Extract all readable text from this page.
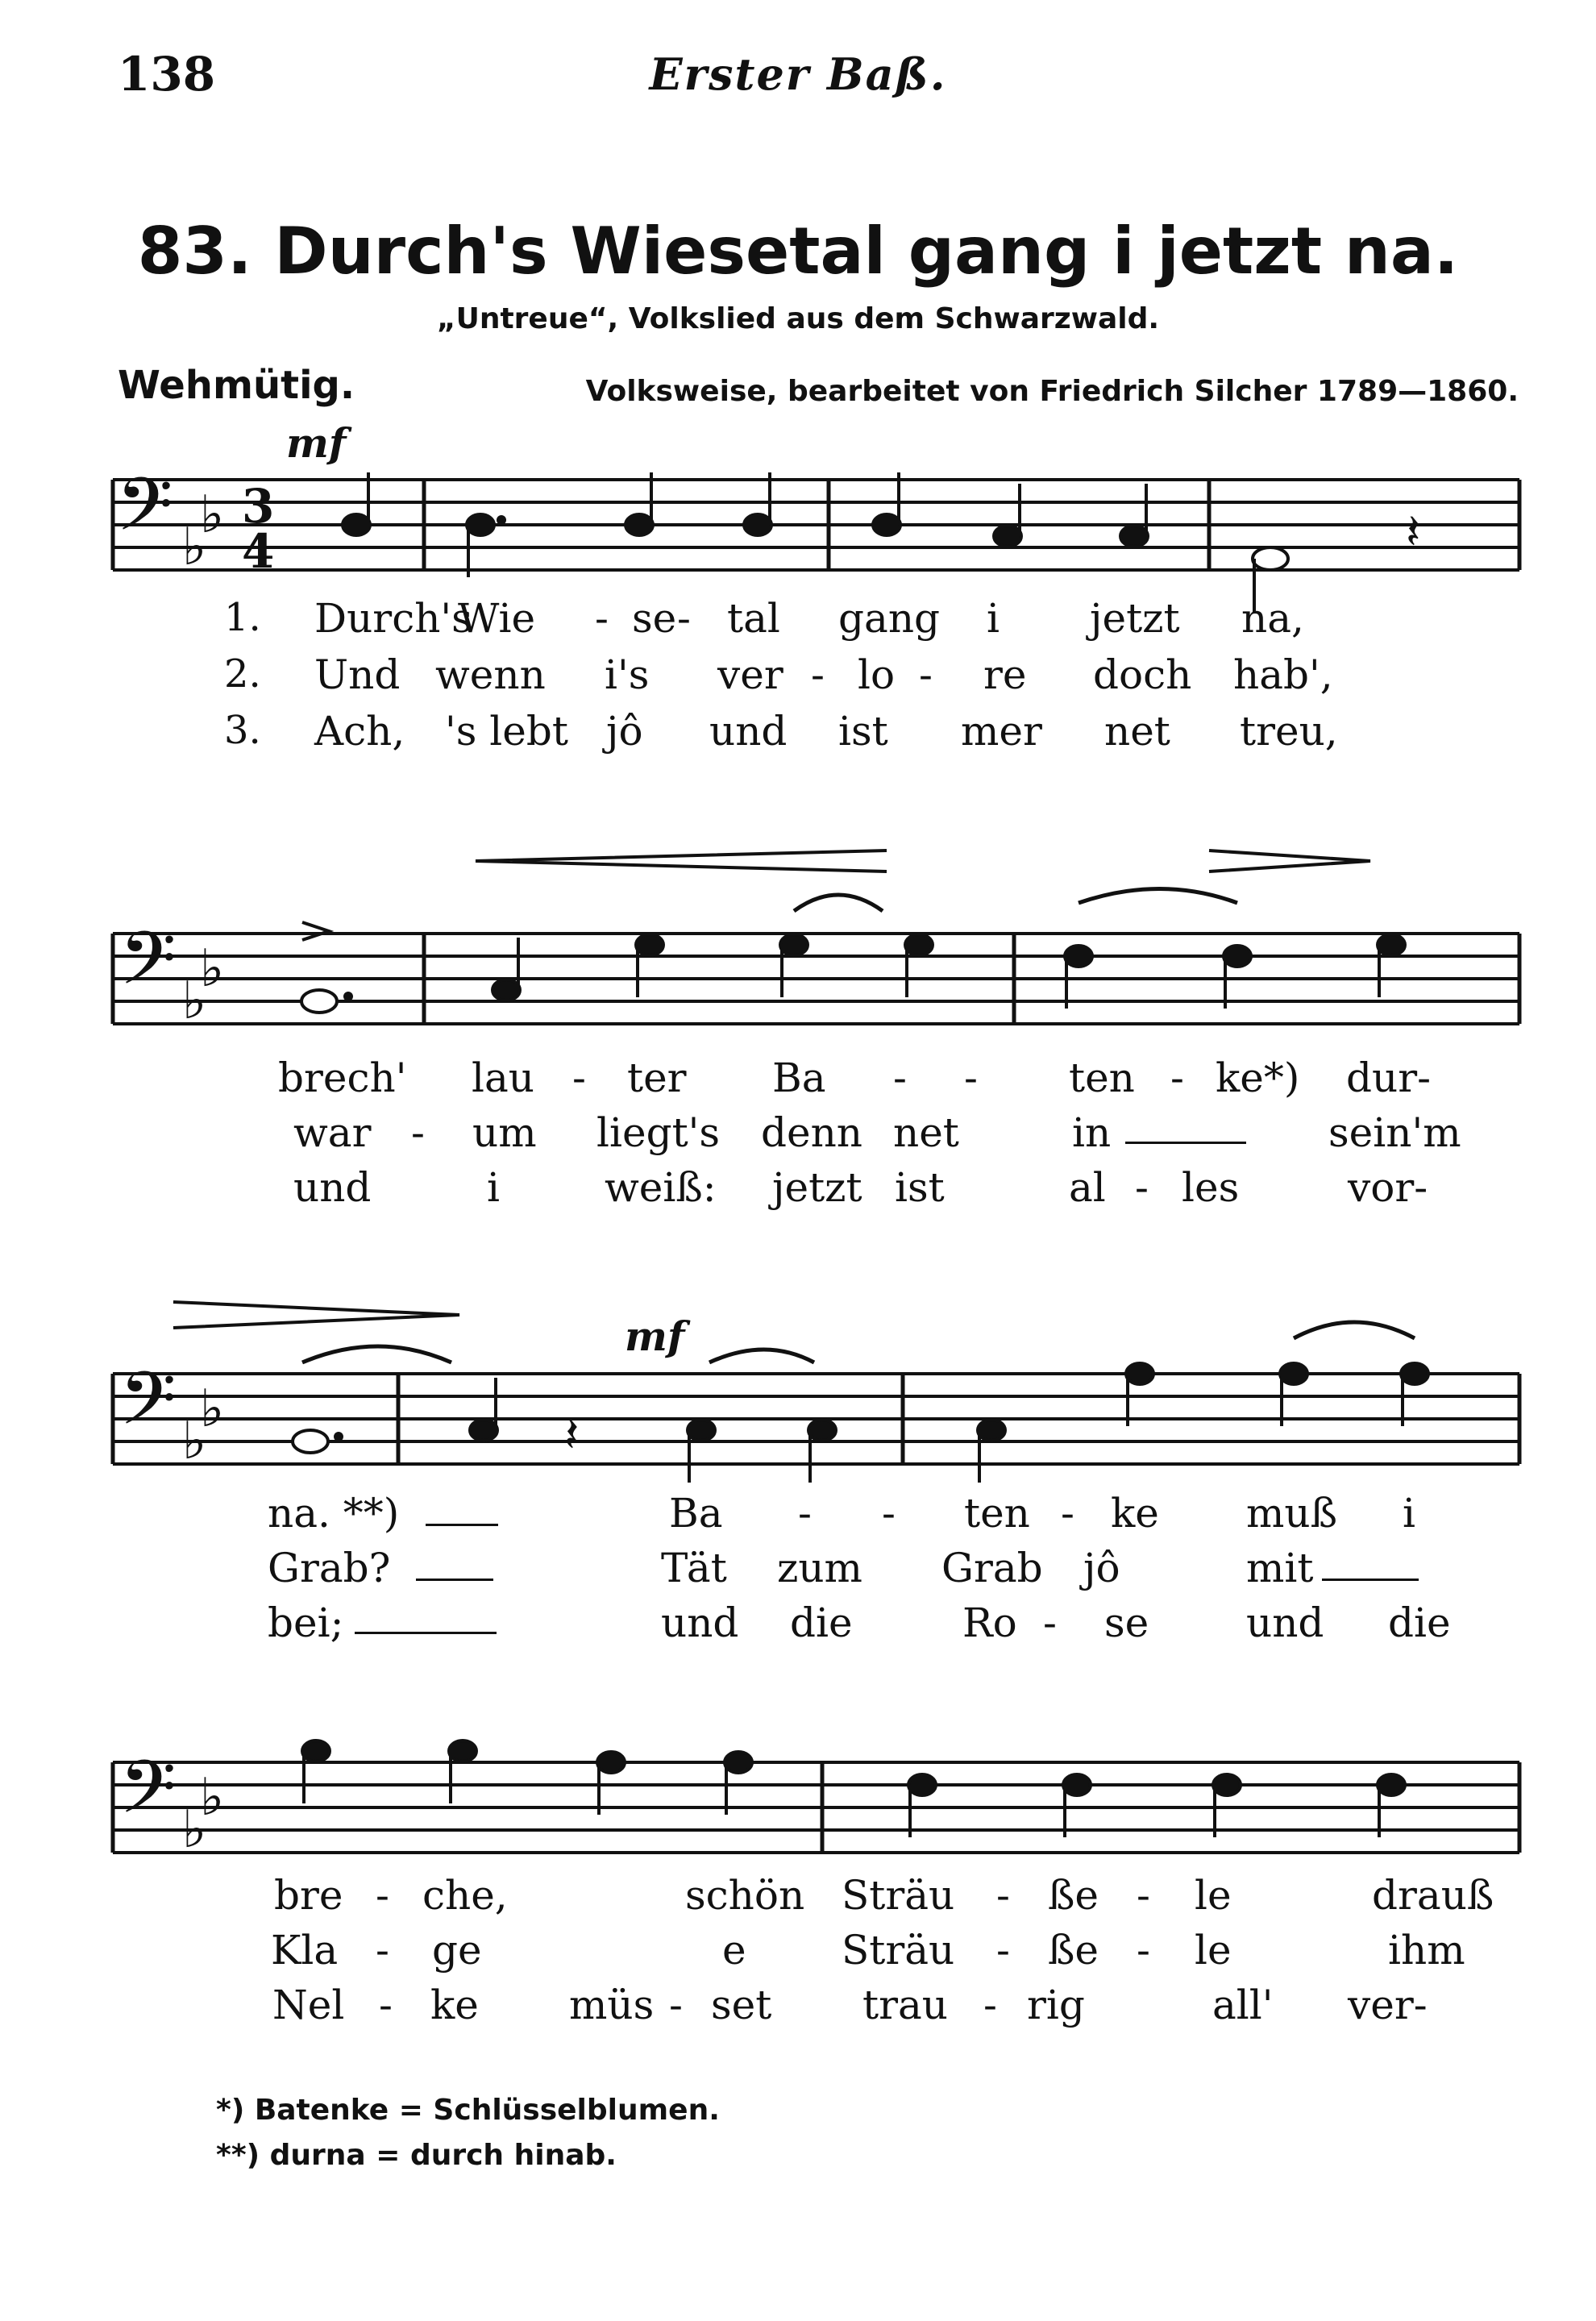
138	Erster Baß.
83. Durch's Wiesetal gang i jetzt na.
„Untreue“, Volkslied aus dem Schwarzwald.
Wehmütig.	Volksweise, bearbeitet von Friedrich Silcher 1789—1860.
mf
mf
𝄢
𝄢
𝄢
𝄢
♭
♭
♭
♭
♭
♭
♭
♭
3
4	𝄽
𝄽
1.
2.
3.
Durch's
Wie - se - tal gang i jetzt na,
Und wenn i's ver - lo - re doch hab',
Ach, 's lebt jô und ist mer net treu,
brech' lau - ter Ba - - ten - ke*) dur-
war - um liegt's denn net	in	sein'm
und	i	weiß: jetzt ist	al - les	vor-
na. **)	Ba - - ten - ke muß i
Grab?	Tät zum Grab jô	mit
bei;	und die	Ro - se und die
bre - che,	schön Sträu - ße - le	drauß
Kla - ge	e Sträu - ße - le	ihm
Nel - ke müs - set trau - rig	all' ver-
*) Batenke = Schlüsselblumen.
**) durna = durch hinab.
